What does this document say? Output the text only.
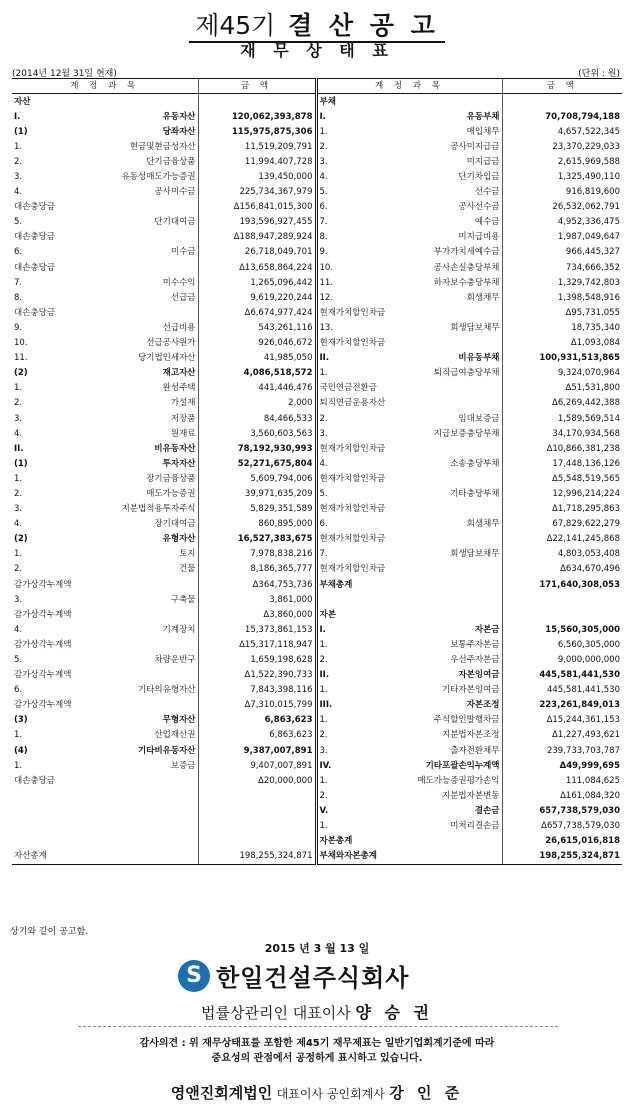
제45기 결 산 공 고
재 무 상 태 표
(2014년 12월 31일 현재)	(단위 : 원)
계 정 과 목	금 액	계 정 과 목	금 액
자산		부채	
I. 유동자산	120,062,393,878	I. 유동부채	70,708,794,188
(1) 당좌자산	115,975,875,306	1. 매입채무	4,657,522,345
1. 현금및현금성자산	11,519,209,791	2. 공사미지급금	23,370,229,033
2. 단기금융상품	11,994,407,728	3. 미지급금	2,615,969,588
3. 유동성매도가능증권	139,450,000	4. 단기차입금	1,325,490,110
4. 공사미수금	225,734,367,979	5. 선수금	916,819,600
대손충당금	Δ156,841,015,300	6. 공사선수금	26,532,062,791
5. 단기대여금	193,596,927,455	7. 예수금	4,952,336,475
대손충당금	Δ188,947,289,924	8. 미지급비용	1,987,049,647
6. 미수금	26,718,049,701	9. 부가가치세예수금	966,445,327
대손충당금	Δ13,658,864,224	10. 공사손실충당부채	734,666,352
7. 미수수익	1,265,096,442	11. 하자보수충당부채	1,329,742,803
8. 선급금	9,619,220,244	12. 회생채무	1,398,548,916
대손충당금	Δ6,674,977,424	현재가치할인차금	Δ95,731,055
9. 선급비용	543,261,116	13. 회생담보채무	18,735,340
10. 선급공사원가	926,046,672	현재가치할인차금	Δ1,093,084
11. 당기법인세자산	41,985,050	II. 비유동부채	100,931,513,865
(2) 재고자산	4,086,518,572	1. 퇴직급여충당부채	9,324,070,964
1. 완성주택	441,446,476	국민연금전환금	Δ51,531,800
2. 가설재	2,000	퇴직연금운용자산	Δ6,269,442,388
3. 저장품	84,466,533	2. 임대보증금	1,589,569,514
4. 원재료	3,560,603,563	3. 지급보증충당부채	34,170,934,568
II. 비유동자산	78,192,930,993	현재가치할인차금	Δ10,866,381,238
(1) 투자자산	52,271,675,804	4. 소송충당부채	17,448,136,126
1. 장기금융상품	5,609,794,006	현재가치할인차금	Δ5,548,519,565
2. 매도가능증권	39,971,635,209	5. 기타충당부채	12,996,214,224
3. 지분법적용투자주식	5,829,351,589	현재가치할인차금	Δ1,718,295,863
4. 장기대여금	860,895,000	6. 회생채무	67,829,622,279
(2) 유형자산	16,527,383,675	현재가치할인차금	Δ22,141,245,868
1. 토지	7,978,838,216	7. 회생담보채무	4,803,053,408
2. 건물	8,186,365,777	현재가치할인차금	Δ634,670,496
감가상각누계액	Δ364,753,736	부채총계	171,640,308,053
3. 구축물	3,861,000		
감가상각누계액	Δ3,860,000	자본	
4. 기계장치	15,373,861,153	I. 자본금	15,560,305,000
감가상각누계액	Δ15,317,118,947	1. 보통주자본금	6,560,305,000
5. 차량운반구	1,659,198,628	2. 우선주자본금	9,000,000,000
감가상각누계액	Δ1,522,390,733	II. 자본잉여금	445,581,441,530
6. 기타의유형자산	7,843,398,116	1. 기타자본잉여금	445,581,441,530
감가상각누계액	Δ7,310,015,799	III. 자본조정	223,261,849,013
(3) 무형자산	6,863,623	1. 주식할인발행차금	Δ15,244,361,153
1. 산업재산권	6,863,623	2. 지분법자본조정	Δ1,227,493,621
(4) 기타비유동자산	9,387,007,891	3. 출자전환채무	239,733,703,787
1. 보증금	9,407,007,891	IV. 기타포괄손익누계액	Δ49,999,695
대손충당금	Δ20,000,000	1. 매도가능증권평가손익	111,084,625
		2. 지분법자본변동	Δ161,084,320
		V. 결손금	657,738,579,030
		1. 미처리결손금	Δ657,738,579,030
		자본총계	26,615,016,818
자산총계	198,255,324,871	부채와자본총계	198,255,324,871
상기와 같이 공고함.
2015 년 3 월 13 일
S 한일건설주식회사
법률상관리인 대표이사 양 승 권
감사의견 : 위 재무상태표를 포함한 제45기 재무제표는 일반기업회계기준에 따라
중요성의 관점에서 공정하게 표시하고 있습니다.
영앤진회계법인 대표이사 공인회계사 강 인 준
